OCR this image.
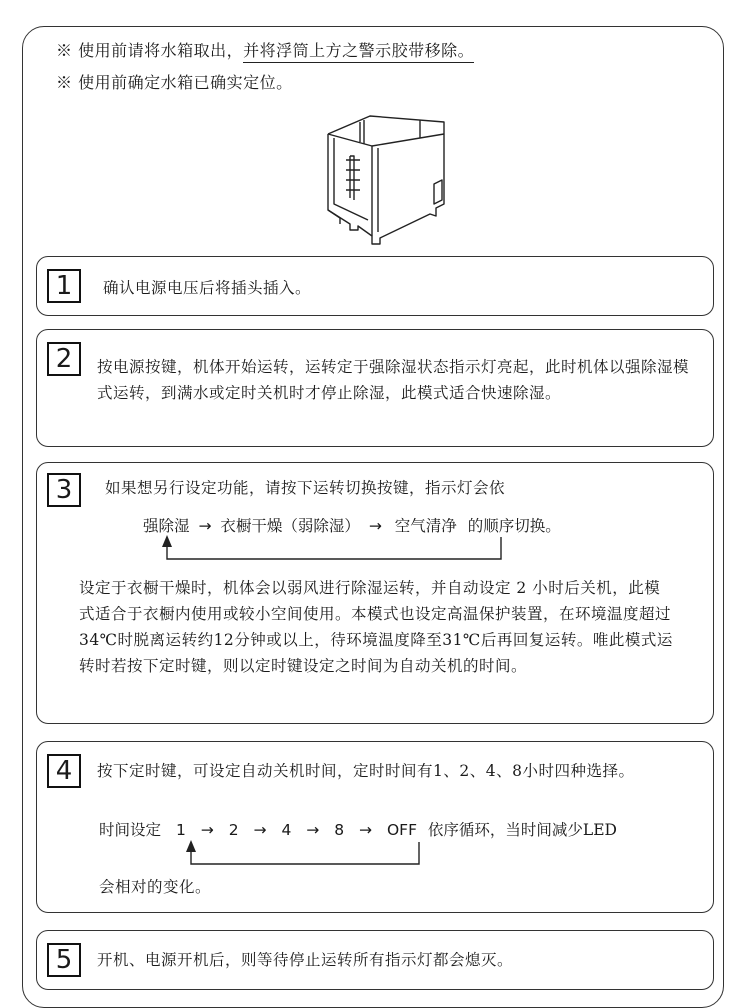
※ 使用前请将水箱取出，并将浮筒上方之警示胶带移除。
※ 使用前确定水箱已确实定位。
1	确认电源电压后将插头插入。
2	按电源按键，机体开始运转，运转定于强除湿状态指示灯亮起，此时机体以强除湿模式运转，到满水或定时关机时才停止除湿，此模式适合快速除湿。
3	如果想另行设定功能，请按下运转切换按键，指示灯会依
强除湿 → 衣橱干燥（弱除湿） → 空气清净 的顺序切换。
设定于衣橱干燥时，机体会以弱风进行除湿运转，并自动设定 2 小时后关机，此模式适合于衣橱内使用或较小空间使用。本模式也设定高温保护装置，在环境温度超过34℃时脱离运转约12分钟或以上，待环境温度降至31℃后再回复运转。唯此模式运转时若按下定时键，则以定时键设定之时间为自动关机的时间。
4	按下定时键，可设定自动关机时间，定时时间有1、2、4、8小时四种选择。
时间设定 1 → 2 → 4 → 8 → OFF 依序循环，当时间减少LED
会相对的变化。
5	开机、电源开机后，则等待停止运转所有指示灯都会熄灭。
